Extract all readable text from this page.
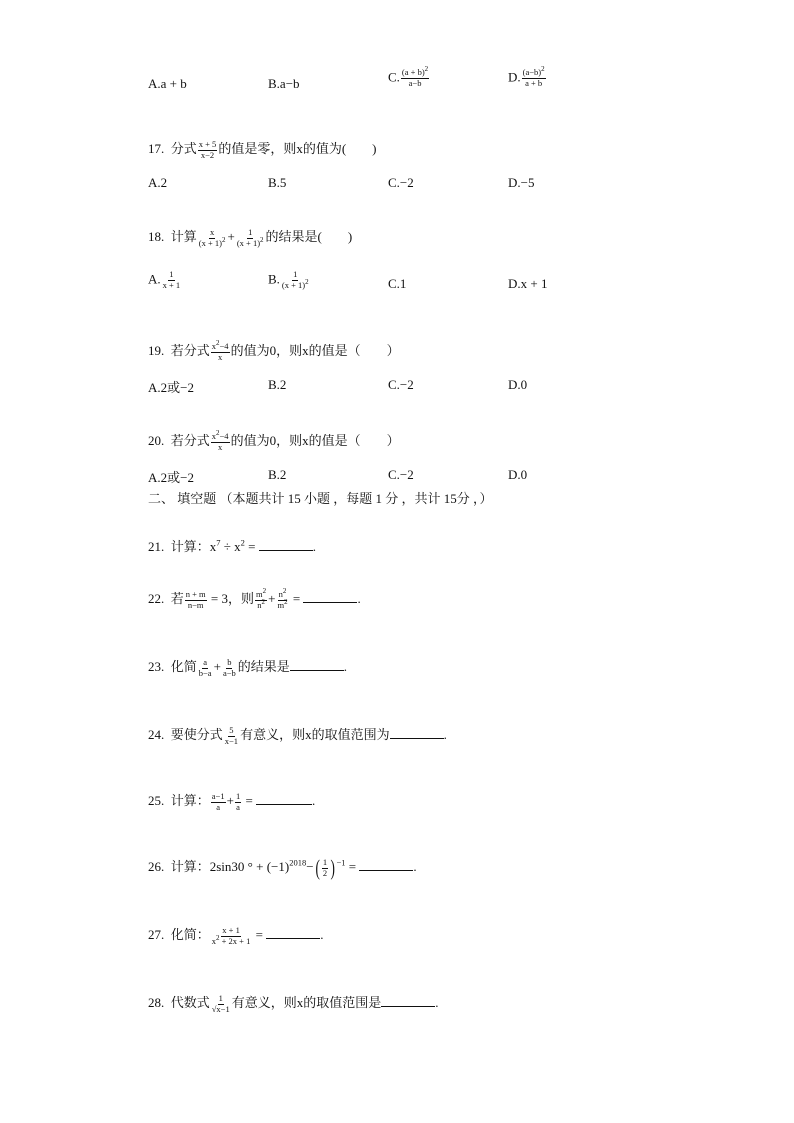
A.a + b	B.a−b	C. $\frac{(a + b)^2}{a-b}$	D. $\frac{(a-b)^2}{a + b}$
17. 分式 $\frac{x + 5}{x-2}$ 的值是零，则x的值为(　　)
A.2	B.5	C.−2	D.−5
18. 计算 $\frac{x}{(x + 1)^2} + \frac{1}{(x + 1)^2}$ 的结果是(　　)
A. $\frac{1}{x + 1}$	B. $\frac{1}{(x + 1)^2}$	C.1	D.x + 1
19. 若分式 $\frac{x^2-4}{x}$ 的值为0，则x的值是（　　）
A.2或−2	B.2	C.−2	D.0
20. 若分式 $\frac{x^2-4}{x}$ 的值为0，则x的值是（　　）
A.2或−2	B.2	C.−2	D.0
二、 填空题 （本题共计 15 小题 ，每题 1 分 ，共计 15分 ，）
21. 计算：$x^7 \div x^2$ =	.
22. 若 $\frac{n + m}{n-m} = 3$，则 $\frac{m^2}{n^2} + \frac{n^2}{m^2}$ =	.
23. 化简 $\frac{a}{b-a} + \frac{b}{a-b}$ 的结果是	.
24. 要使分式 $\frac{5}{x-1}$ 有意义，则x的取值范围为	.
25. 计算： $\frac{a-1}{a} + \frac{1}{a}$ =	.
26. 计算：2sin30 ° + $(-1)^{2018}-( \frac{1}{2} )^{-1}$ =	.
27. 化简： $\frac{x + 1}{x^2 + 2x + 1}$ =	.
28. 代数式 $\frac{1}{√x-1}$ 有意义，则x的取值范围是	.
